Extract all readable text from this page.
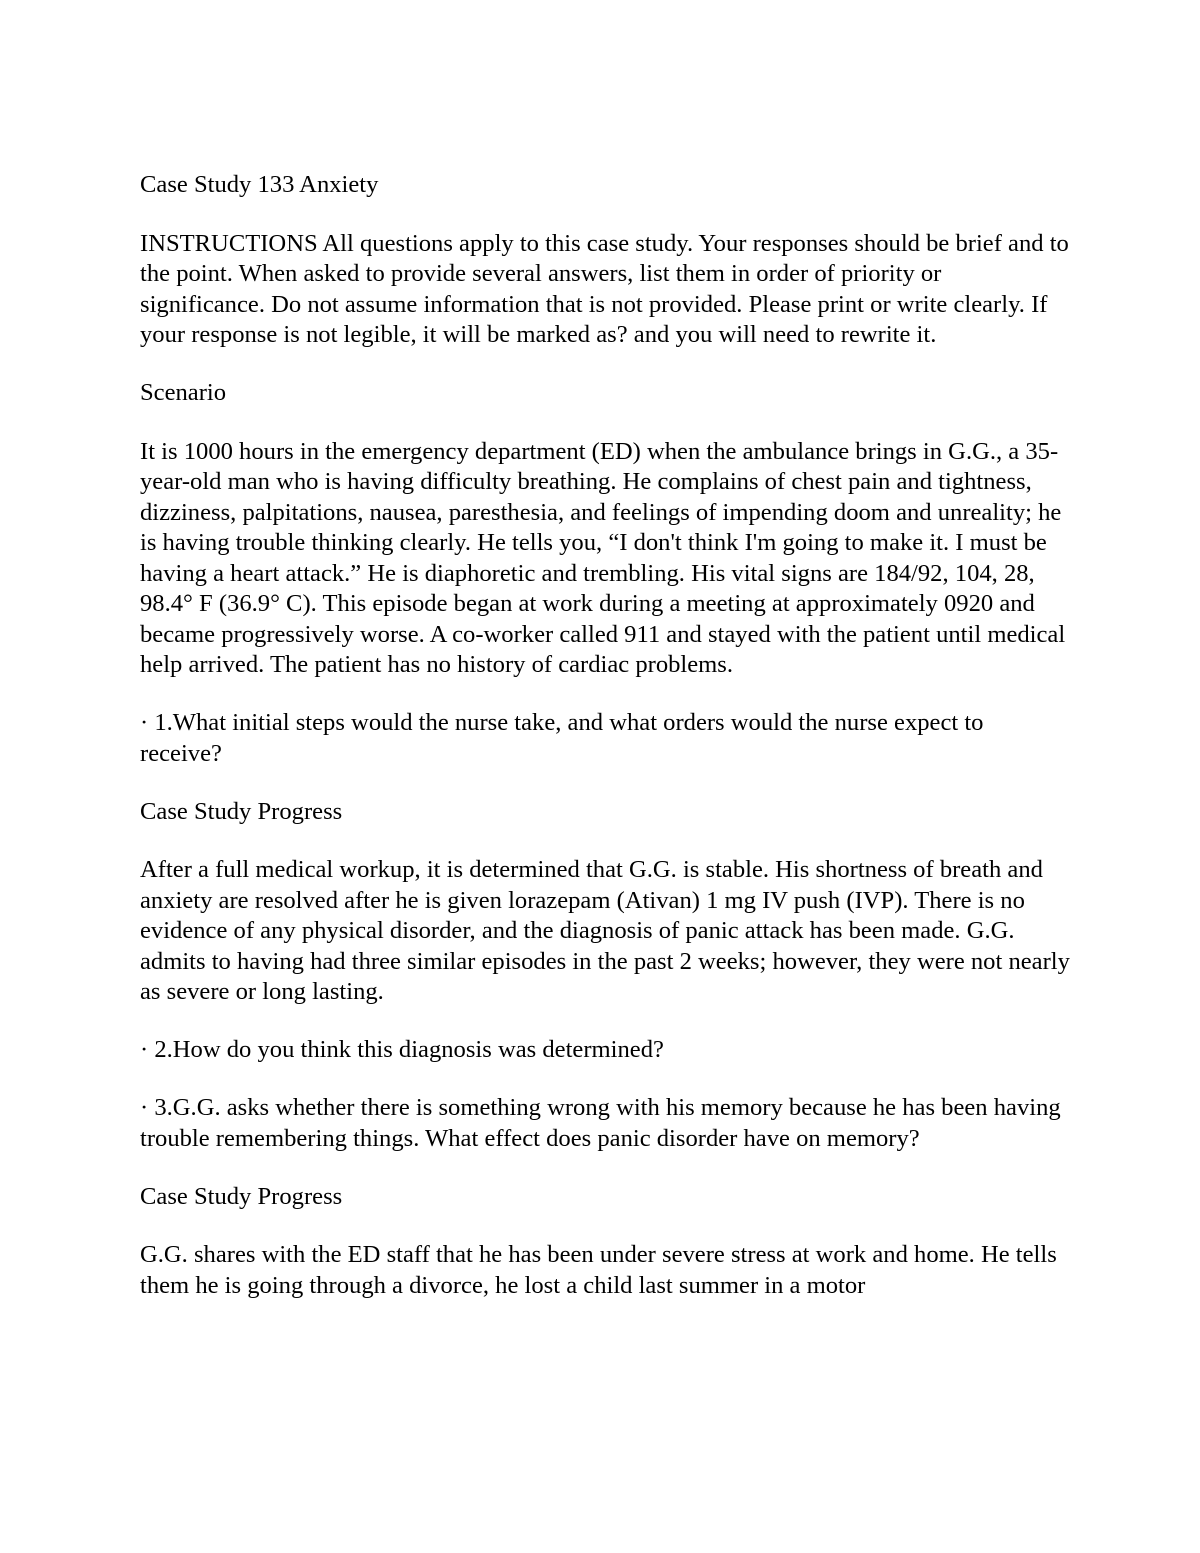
Case Study 133 Anxiety

INSTRUCTIONS All questions apply to this case study. Your responses should be brief and to the point. When asked to provide several answers, list them in order of priority or significance. Do not assume information that is not provided. Please print or write clearly. If your response is not legible, it will be marked as? and you will need to rewrite it.

Scenario

It is 1000 hours in the emergency department (ED) when the ambulance brings in G.G., a 35-year-old man who is having difficulty breathing. He complains of chest pain and tightness, dizziness, palpitations, nausea, paresthesia, and feelings of impending doom and unreality; he is having trouble thinking clearly. He tells you, “I don't think I'm going to make it. I must be having a heart attack.” He is diaphoretic and trembling. His vital signs are 184/92, 104, 28, 98.4° F (36.9° C). This episode began at work during a meeting at approximately 0920 and became progressively worse. A co-worker called 911 and stayed with the patient until medical help arrived. The patient has no history of cardiac problems.

· 1.What initial steps would the nurse take, and what orders would the nurse expect to receive?

Case Study Progress

After a full medical workup, it is determined that G.G. is stable. His shortness of breath and anxiety are resolved after he is given lorazepam (Ativan) 1 mg IV push (IVP). There is no evidence of any physical disorder, and the diagnosis of panic attack has been made. G.G. admits to having had three similar episodes in the past 2 weeks; however, they were not nearly as severe or long lasting.

· 2.How do you think this diagnosis was determined?

· 3.G.G. asks whether there is something wrong with his memory because he has been having trouble remembering things. What effect does panic disorder have on memory?

Case Study Progress

G.G. shares with the ED staff that he has been under severe stress at work and home. He tells them he is going through a divorce, he lost a child last summer in a motor
